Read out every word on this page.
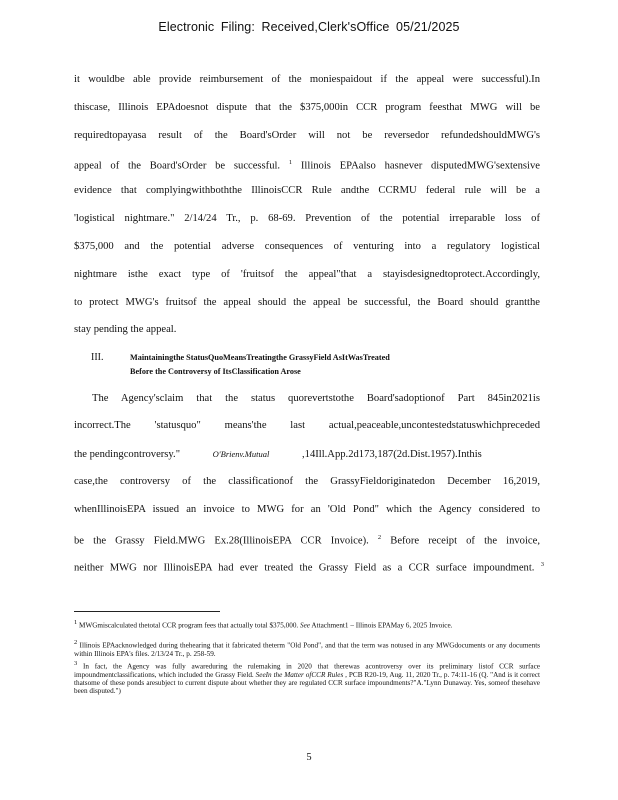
Electronic Filing: Received,Clerk'sOffice 05/21/2025
it wouldbe able provide reimbursement of the moniespaidout if the appeal were successful).In
thiscase, Illinois EPAdoesnot dispute that the $375,000in CCR program feesthat MWG will be
requiredtopayasa result of the Board'sOrder will not be reversedor refundedshouldMWG's
appeal of the Board'sOrder be successful. $^1$ Illinois EPAalso hasnever disputedMWG'sextensive
evidence that complyingwithboththe IllinoisCCR Rule andthe CCRMU federal rule will be a
'logistical nightmare." 2/14/24 Tr., p. 68-69. Prevention of the potential irreparable loss of
$375,000 and the potential adverse consequences of venturing into a regulatory logistical
nightmare isthe exact type of 'fruitsof the appeal"that a stayisdesignedtoprotect.Accordingly,
to protect MWG's fruitsof the appeal should the appeal be successful, the Board should grantthe
stay pending the appeal.
III.	Maintainingthe StatusQuoMeansTreatingthe GrassyField AsItWasTreated
Before the Controversy of ItsClassification Arose
The Agency'sclaim that the status quorevertstothe Board'sadoptionof Part 845in2021is
incorrect.The 'statusquo" means'the last actual,peaceable,uncontestedstatuswhichpreceded
the pendingcontroversy."	O'Brienv.Mutual	,14Ill.App.2d173,187(2d.Dist.1957).Inthis
case,the controversy of the classificationof the GrassyFieldoriginatedon December 16,2019,
whenIllinoisEPA issued an invoice to MWG for an 'Old Pond" which the Agency considered to
be the Grassy Field.MWG Ex.28(IllinoisEPA CCR Invoice). $^2$ Before receipt of the invoice,
neither MWG nor IllinoisEPA had ever treated the Grassy Field as a CCR surface impoundment. $^3$
1 MWGmiscalculated thetotal CCR program fees that actually total $375,000. See Attachment1 – Illinois EPAMay 6, 2025 Invoice.
2 Illinois EPAacknowledged during thehearing that it fabricated theterm "Old Pond", and that the term was notused in any MWGdocuments or any documents within Illinois EPA's files. 2/13/24 Tr., p. 258-59.
3 In fact, the Agency was fully awareduring the rulemaking in 2020 that therewas acontroversy over its preliminary listof CCR surface impoundmentclassifications, which included the Grassy Field. SeeIn the Matter ofCCR Rules , PCB R20-19, Aug. 11, 2020 Tr., p. 74:11-16 (Q. "And is it correct thatsome of these ponds aresubject to current dispute about whether they are regulated CCR surface impoundments?"A."Lynn Dunaway. Yes, someof thesehave been disputed.")
5
